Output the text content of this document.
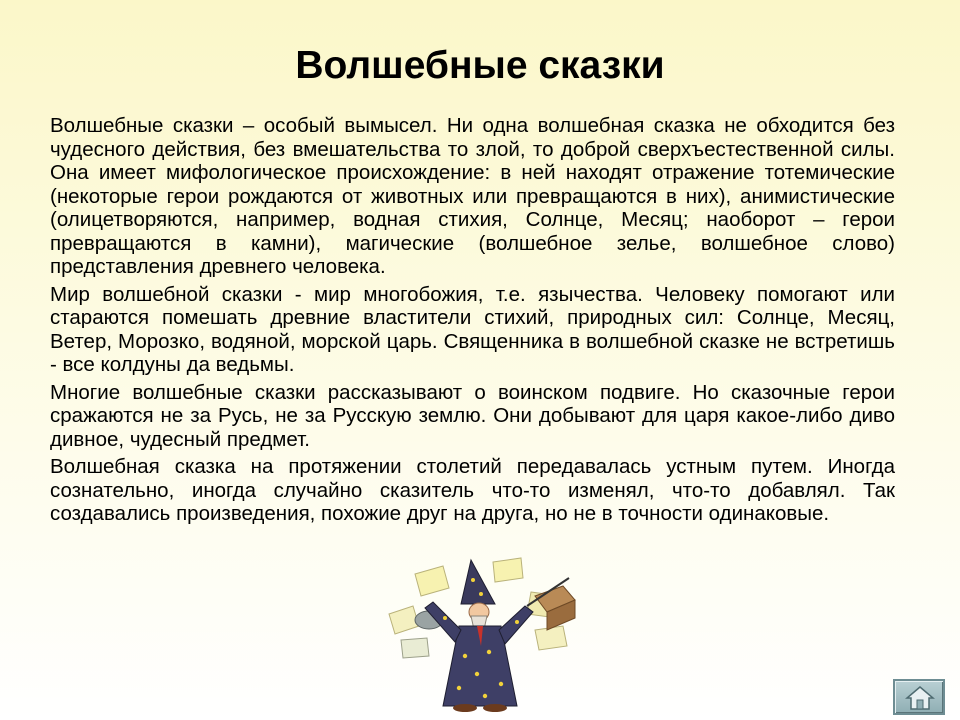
Волшебные сказки

Волшебные сказки – особый вымысел. Ни одна волшебная сказка не обходится без чудесного действия, без вмешательства то злой, то доброй сверхъестественной силы. Она имеет мифологическое происхождение: в ней находят отражение тотемические (некоторые герои рождаются от животных или превращаются в них), анимистические (олицетворяются, например, водная стихия, Солнце, Месяц; наоборот – герои превращаются в камни), магические (волшебное зелье, волшебное слово) представления древнего человека.

Мир волшебной сказки - мир многобожия, т.е. язычества. Человеку помогают или стараются помешать древние властители стихий, природных сил: Солнце, Месяц, Ветер, Морозко, водяной, морской царь. Священника в волшебной сказке не встретишь - все колдуны да ведьмы.

Многие волшебные сказки рассказывают о воинском подвиге. Но сказочные герои сражаются не за Русь, не за Русскую землю. Они добывают для царя какое-либо диво дивное, чудесный предмет.

Волшебная сказка на протяжении столетий передавалась устным путем. Иногда сознательно, иногда случайно сказитель что-то изменял, что-то добавлял. Так создавались произведения, похожие друг на друга, но не в точности одинаковые.
